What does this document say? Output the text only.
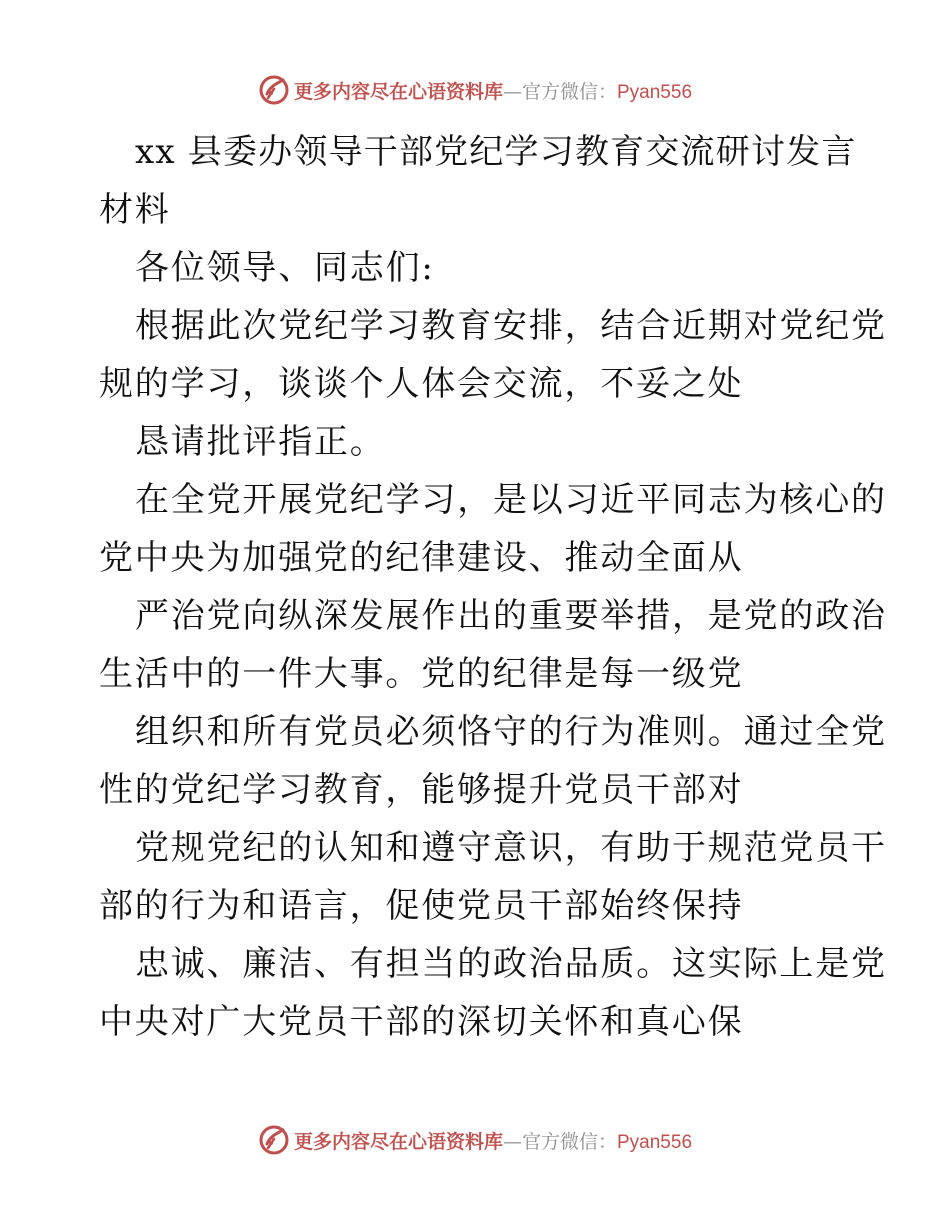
更多内容尽在心语资料库—官方微信：Pyan556
xx 县委办领导干部党纪学习教育交流研讨发言
材料
各位领导、同志们:
根据此次党纪学习教育安排，结合近期对党纪党
规的学习，谈谈个人体会交流，不妥之处
恳请批评指正。
在全党开展党纪学习，是以习近平同志为核心的
党中央为加强党的纪律建设、推动全面从
严治党向纵深发展作出的重要举措，是党的政治
生活中的一件大事。党的纪律是每一级党
组织和所有党员必须恪守的行为准则。通过全党
性的党纪学习教育，能够提升党员干部对
党规党纪的认知和遵守意识，有助于规范党员干
部的行为和语言，促使党员干部始终保持
忠诚、廉洁、有担当的政治品质。这实际上是党
中央对广大党员干部的深切关怀和真心保
更多内容尽在心语资料库—官方微信：Pyan556
